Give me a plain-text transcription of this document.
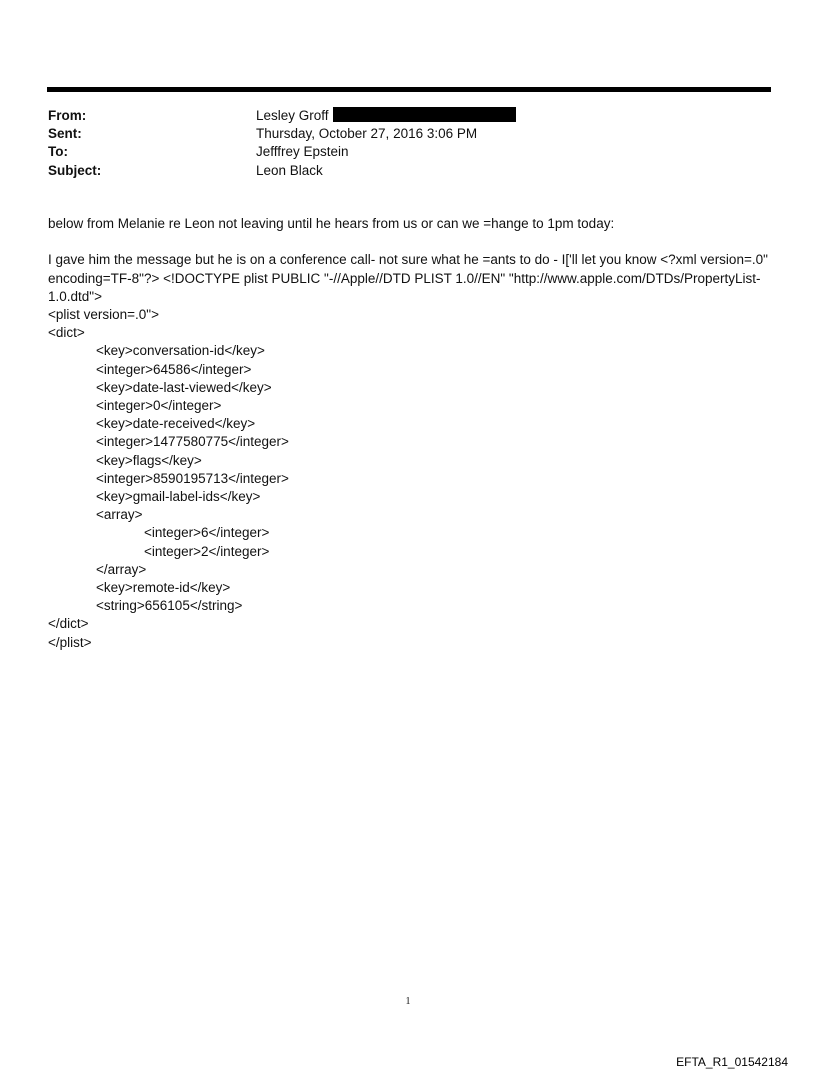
From:	Lesley Groff
Sent:	Thursday, October 27, 2016 3:06 PM
To:	Jefffrey Epstein
Subject:	Leon Black

below from Melanie re Leon not leaving until he hears from us or can we =hange to 1pm today:

I gave him the message but he is on a conference call- not sure what he =ants to do - I['ll let you know <?xml version=.0" encoding=TF-8"?> <!DOCTYPE plist PUBLIC "-//Apple//DTD PLIST 1.0//EN" "http://www.apple.com/DTDs/PropertyList-1.0.dtd">

<plist version=.0">
<dict>
<key>conversation-id</key>
<integer>64586</integer>
<key>date-last-viewed</key>
<integer>0</integer>
<key>date-received</key>
<integer>1477580775</integer>
<key>flags</key>
<integer>8590195713</integer>
<key>gmail-label-ids</key>
<array>
<integer>6</integer>
<integer>2</integer>
</array>
<key>remote-id</key>
<string>656105</string>
</dict>
</plist>
1
EFTA_R1_01542184
